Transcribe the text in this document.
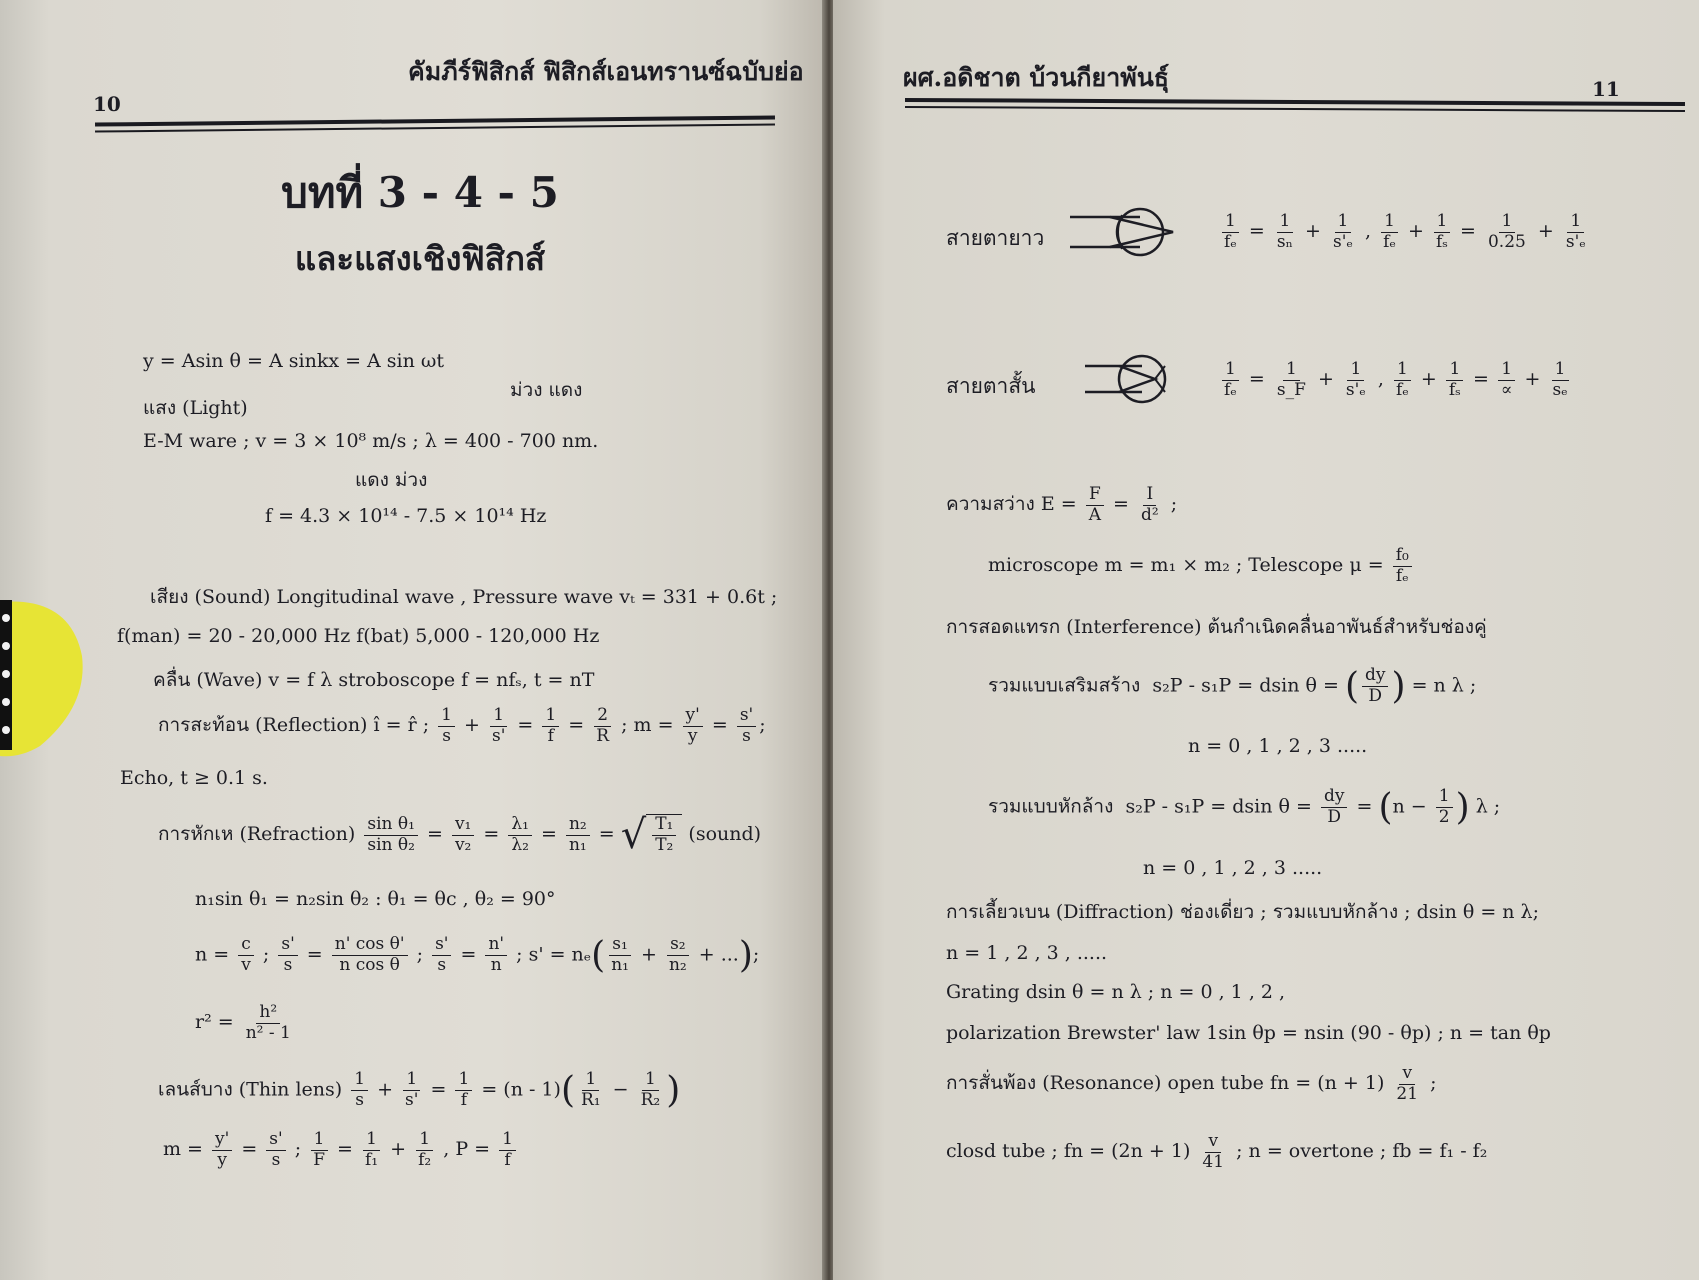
10
คัมภีร์ฟิสิกส์ ฟิสิกส์เอนทรานซ์ฉบับย่อ
บทที่ 3 - 4 - 5
และแสงเชิงฟิสิกส์
y = Asin θ = A sinkx = A sin ωt
ม่วง แดง
แสง (Light)
E-M ware ; v = 3 × 10⁸ m/s ; λ = 400 - 700 nm.
แดง ม่วง
f = 4.3 × 10¹⁴ - 7.5 × 10¹⁴ Hz
เสียง (Sound) Longitudinal wave , Pressure wave vₜ = 331 + 0.6t ;
f(man) = 20 - 20,000 Hz f(bat) 5,000 - 120,000 Hz
คลื่น (Wave) v = f λ stroboscope f = nfₛ, t = nT
การสะท้อน (Reflection) î = r̂ ; $\frac{1}{s} + \frac{1}{s'} = \frac{1}{f} = \frac{2}{R}$ ; $m = \frac{y'}{y} = \frac{s'}{s}$ ;
Echo, t ≥ 0.1 s.
การหักเห (Refraction) $\frac{\text{sin θ₁}}{\text{sin θ₂}} = \frac{\text{v₁}}{\text{v₂}} = \frac{\text{λ₁}}{\text{λ₂}} = \frac{\text{n₂}}{\text{n₁}}$ = √ $\frac{\text{T₁}}{\text{T₂}}$ (sound)
n₁sin θ₁ = n₂sin θ₂ : θ₁ = θc , θ₂ = 90°
$n = \frac{c}{v}$ ; $\frac{s'}{s} = \frac{\text{n' cos θ'}}{\text{n cos θ}}$ ; $\frac{s'}{s} = \frac{n'}{n}$ ; $s' = n_e( \frac{\text{s₁}}{\text{n₁}} + \frac{\text{s₂}}{\text{n₂}}$ + ...);
$r^2 = \frac{\text{h²}}{\text{n² - 1}}$
เลนส์บาง (Thin lens) $\frac{1}{s} + \frac{1}{s'} = \frac{1}{f} = (n - 1)( \frac{1}{\text{R₁}} - \frac{1}{\text{R₂}}$ )
$m = \frac{y'}{y} = \frac{s'}{s}$ ; $\frac{1}{F} = \frac{1}{\text{f₁}} + \frac{1}{\text{f₂}}$ , $P = \frac{1}{f}$
ผศ.อดิชาต บ้วนกียาพันธุ์	11
สายตายาว	$\frac{1}{\text{fₑ}} = \frac{1}{\text{sₙ}} + \frac{1}{\text{s'ₑ}}$ , $\frac{1}{\text{fₑ}} + \frac{1}{\text{fₛ}} = \frac{1}{0.25} + \frac{1}{\text{s'ₑ}}$
สายตาสั้น	$\frac{1}{\text{fₑ}} = \frac{1}{s\_F} + \frac{1}{\text{s'ₑ}}$ , $\frac{1}{\text{fₑ}} + \frac{1}{\text{fₛ}} = \frac{1}{\propto} + \frac{1}{\text{sₑ}}$
ความสว่าง $E = \frac{F}{A} = \frac{I}{\text{d²}}$ ;
microscope m = m₁ × m₂ ; Telescope $\mu = \frac{\text{f₀}}{\text{fₑ}}$
การสอดแทรก (Interference) ต้นกำเนิดคลื่นอาพันธ์สำหรับช่องคู่
รวมแบบเสริมสร้าง  s₂P - s₁P = dsin θ = ( $\frac{dy}{D}$ ) = n λ ;
n = 0 , 1 , 2 , 3 .....
รวมแบบหักล้าง  s₂P - s₁P = dsin $\theta = \frac{dy}{D} = (n - \frac{1}{2}$ ) λ ;
n = 0 , 1 , 2 , 3 .....
การเลี้ยวเบน (Diffraction) ช่องเดี่ยว ; รวมแบบหักล้าง ; dsin θ = n λ;
n = 1 , 2 , 3 , .....
Grating dsin θ = n λ ; n = 0 , 1 , 2 ,
polarization Brewster' law 1sin θp = nsin (90 - θp) ; n = tan θp
การสั่นพ้อง (Resonance) open tube fn = $(n + 1) \frac{v}{21}$ ;
closd tube ; fn = $(2n + 1) \frac{v}{41}$ ; n = overtone ; fb = f₁ - f₂
